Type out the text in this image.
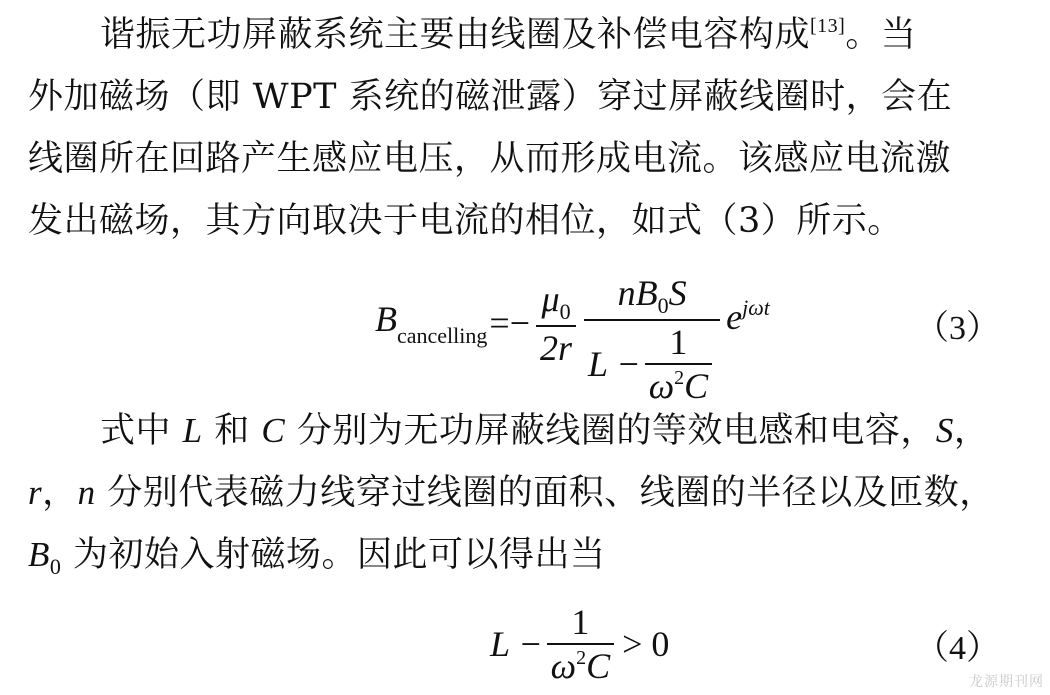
谐振无功屏蔽系统主要由线圈及补偿电容构成[13]。当
外加磁场（即 WPT 系统的磁泄露）穿过屏蔽线圈时，会在
线圈所在回路产生感应电压，从而形成电流。该感应电流激
发出磁场，其方向取决于电流的相位，如式（3）所示。
$B_{cancelling} =- \frac{\mu_0}{2r} \frac{nB_0S}{L - \frac{1}{\omega^2C}} e^{j\omega t}$
（3）
式中 L 和 C 分别为无功屏蔽线圈的等效电感和电容，S，
r，n 分别代表磁力线穿过线圈的面积、线圈的半径以及匝数，
$B_0$ 为初始入射磁场。因此可以得出当
$L - \frac{1}{\omega^2C} > 0$	（4）
龙源期刊网
